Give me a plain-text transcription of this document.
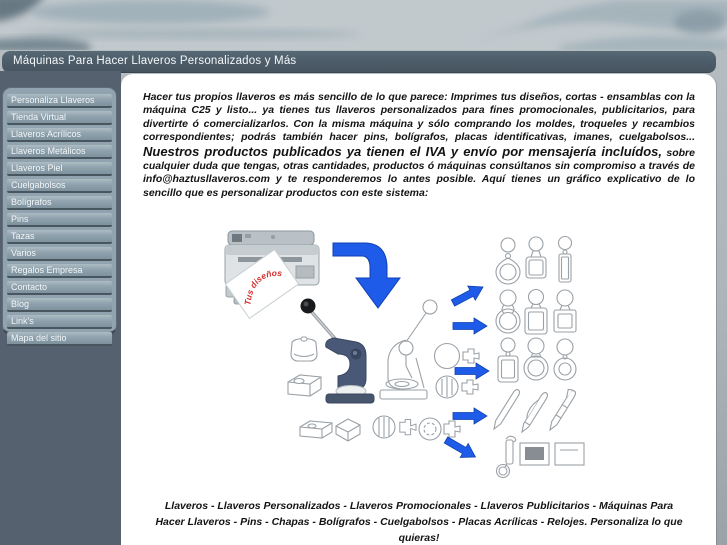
Máquinas Para Hacer Llaveros Personalizados y Más
Personaliza Llaveros
Tienda Virtual
Llaveros Acrílicos
Llaveros Metálicos
Llaveros Piel
Cuelgabolsos
Bolígrafos
Pins
Tazas
Varios
Regalos Empresa
Contacto
Blog
Link's
Mapa del sitio
Hacer tus propios llaveros es más sencillo de lo que parece: Imprimes tus diseños, cortas - ensamblas con la máquina C25 y listo... ya tienes tus llaveros personalizados para fines promocionales, publicitarios, para divertirte ó comercializarlos. Con la misma máquina y sólo comprando los moldes, troqueles y recambios correspondientes; podrás también hacer pins, bolígrafos, placas identificativas, imanes, cuelgabolsos... Nuestros productos publicados ya tienen el IVA y envío por mensajería incluídos, sobre cualquier duda que tengas, otras cantidades, productos ó máquinas consúltanos sin compromiso a través de info@haztusllaveros.com y te responderemos lo antes posible. Aquí tienes un gráfico explicativo de lo sencillo que es personalizar productos con este sistema:
Tus diseños !
Llaveros - Llaveros Personalizados - Llaveros Promocionales - Llaveros Publicitarios - Máquinas Para Hacer Llaveros - Pins - Chapas - Bolígrafos - Cuelgabolsos - Placas Acrílicas - Relojes. Personaliza lo que quieras!
